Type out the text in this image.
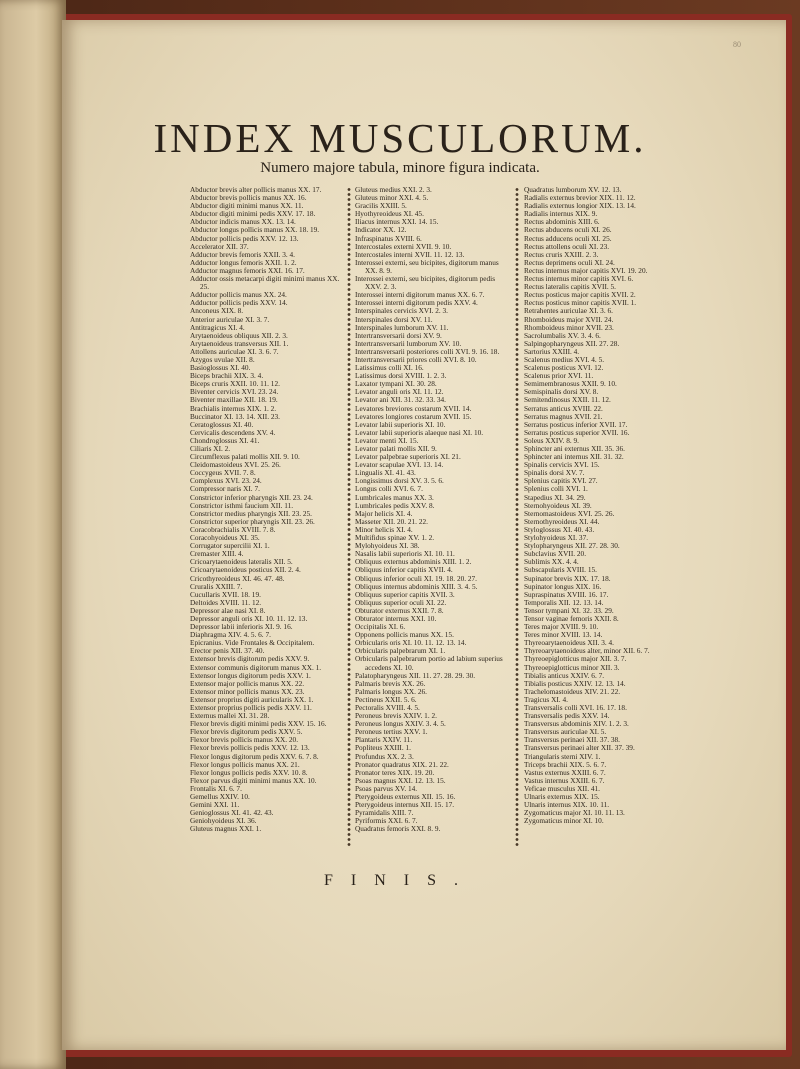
80
INDEX MUSCULORUM.

Numero majore tabula, minore figura indicata.

Abductor brevis alter pollicis manus XX. 17.
Abductor brevis pollicis manus XX. 16.
Abductor digiti minimi manus XX. 11.
Abductor digiti minimi pedis XXV. 17. 18.
Abductor indicis manus XX. 13. 14.
Abductor longus pollicis manus XX. 18. 19.
Abductor pollicis pedis XXV. 12. 13.
Accelerator XII. 37.
Adductor brevis femoris XXII. 3. 4.
Adductor longus femoris XXII. 1. 2.
Adductor magnus femoris XXI. 16. 17.
Adductor ossis metacarpi digiti minimi manus XX.
25.
Adductor pollicis manus XX. 24.
Adductor pollicis pedis XXV. 14.
Anconeus XIX. 8.
Anterior auriculae XI. 3. 7.
Antitragicus XI. 4.
Arytaenoideus obliquus XII. 2. 3.
Arytaenoideus transversus XII. 1.
Attollens auriculae XI. 3. 6. 7.
Azygos uvulae XII. 8.
Basioglossus XI. 40.
Biceps brachii XIX. 3. 4.
Biceps cruris XXII. 10. 11. 12.
Biventer cervicis XVI. 23. 24.
Biventer maxillae XII. 18. 19.
Brachialis internus XIX. 1. 2.
Buccinator XI. 13. 14. XII. 23.
Ceratoglossus XI. 40.
Cervicalis descendens XV. 4.
Chondroglossus XI. 41.
Ciliaris XI. 2.
Circumflexus palati mollis XII. 9. 10.
Cleidomastoideus XVI. 25. 26.
Coccygeus XVII. 7. 8.
Complexus XVI. 23. 24.
Compressor naris XI. 7.
Constrictor inferior pharyngis XII. 23. 24.
Constrictor isthmi faucium XII. 11.
Constrictor medius pharyngis XII. 23. 25.
Constrictor superior pharyngis XII. 23. 26.
Coracobrachialis XVIII. 7. 8.
Coracohyoideus XI. 35.
Corrugator supercilii XI. 1.
Cremaster XIII. 4.
Cricoarytaenoideus lateralis XII. 5.
Cricoarytaenoideus posticus XII. 2. 4.
Cricothyreoideus XI. 46. 47. 48.
Cruralis XXIII. 7.
Cucullaris XVII. 18. 19.
Deltoides XVIII. 11. 12.
Depressor alae nasi XI. 8.
Depressor anguli oris XI. 10. 11. 12. 13.
Depressor labii inferioris XI. 9. 16.
Diaphragma XIV. 4. 5. 6. 7.
Epicranius. Vide Frontales & Occipitalem.
Erector penis XII. 37. 40.
Extensor brevis digitorum pedis XXV. 9.
Extensor communis digitorum manus XX. 1.
Extensor longus digitorum pedis XXV. 1.
Extensor major pollicis manus XX. 22.
Extensor minor pollicis manus XX. 23.
Extensor proprius digiti auricularis XX. 1.
Extensor proprius pollicis pedis XXV. 11.
Externus mallei XI. 31. 28.
Flexor brevis digiti minimi pedis XXV. 15. 16.
Flexor brevis digitorum pedis XXV. 5.
Flexor brevis pollicis manus XX. 20.
Flexor brevis pollicis pedis XXV. 12. 13.
Flexor longus digitorum pedis XXV. 6. 7. 8.
Flexor longus pollicis manus XX. 21.
Flexor longus pollicis pedis XXV. 10. 8.
Flexor parvus digiti minimi manus XX. 10.
Frontalis XI. 6. 7.
Gemellus XXIV. 10.
Gemini XXI. 11.
Genioglossus XI. 41. 42. 43.
Geniohyoideus XI. 36.
Gluteus magnus XXI. 1.
Gluteus medius XXI. 2. 3.
Gluteus minor XXI. 4. 5.
Gracilis XXIII. 5.
Hyothyreoideus XI. 45.
Iliacus internus XXI. 14. 15.
Indicator XX. 12.
Infraspinatus XVIII. 6.
Intercostales externi XVII. 9. 10.
Intercostales interni XVII. 11. 12. 13.
Interossei externi, seu bicipites, digitorum manus
XX. 8. 9.
Interossei externi, seu bicipites, digitorum pedis
XXV. 2. 3.
Interossei interni digitorum manus XX. 6. 7.
Interossei interni digitorum pedis XXV. 4.
Interspinales cervicis XVI. 2. 3.
Interspinales dorsi XV. 11.
Interspinales lumborum XV. 11.
Intertransversarii dorsi XV. 9.
Intertransversarii lumborum XV. 10.
Intertransversarii posteriores colli XVI. 9. 16. 18.
Intertransversarii priores colli XVI. 8. 10.
Latissimus colli XI. 16.
Latissimus dorsi XVIII. 1. 2. 3.
Laxator tympani XI. 30. 28.
Levator anguli oris XI. 11. 12.
Levator ani XII. 31. 32. 33. 34.
Levatores breviores costarum XVII. 14.
Levatores longiores costarum XVII. 15.
Levator labii superioris XI. 10.
Levator labii superioris alaeque nasi XI. 10.
Levator menti XI. 15.
Levator palati mollis XII. 9.
Levator palpebrae superioris XI. 21.
Levator scapulae XVI. 13. 14.
Lingualis XI. 41. 43.
Longissimus dorsi XV. 3. 5. 6.
Longus colli XVI. 6. 7.
Lumbricales manus XX. 3.
Lumbricales pedis XXV. 8.
Major helicis XI. 4.
Masseter XII. 20. 21. 22.
Minor helicis XI. 4.
Multifidus spinae XV. 1. 2.
Mylohyoideus XI. 38.
Nasalis labii superioris XI. 10. 11.
Obliquus externus abdominis XIII. 1. 2.
Obliquus inferior capitis XVII. 4.
Obliquus inferior oculi XI. 19. 18. 20. 27.
Obliquus internus abdominis XIII. 3. 4. 5.
Obliquus superior capitis XVII. 3.
Obliquus superior oculi XI. 22.
Obturator externus XXII. 7. 8.
Obturator internus XXI. 10.
Occipitalis XI. 6.
Opponens pollicis manus XX. 15.
Orbicularis oris XI. 10. 11. 12. 13. 14.
Orbicularis palpebrarum XI. 1.
Orbicularis palpebrarum portio ad labium superius
accedens XI. 10.
Palatopharyngeus XII. 11. 27. 28. 29. 30.
Palmaris brevis XX. 26.
Palmaris longus XX. 26.
Pectineus XXII. 5. 6.
Pectoralis XVIII. 4. 5.
Peroneus brevis XXIV. 1. 2.
Peroneus longus XXIV. 3. 4. 5.
Peroneus tertius XXV. 1.
Plantaris XXIV. 11.
Popliteus XXIII. 1.
Profundus XX. 2. 3.
Pronator quadratus XIX. 21. 22.
Pronator teres XIX. 19. 20.
Psoas magnus XXI. 12. 13. 15.
Psoas parvus XV. 14.
Pterygoideus externus XII. 15. 16.
Pterygoideus internus XII. 15. 17.
Pyramidalis XIII. 7.
Pyriformis XXI. 6. 7.
Quadratus femoris XXI. 8. 9.
Quadratus lumborum XV. 12. 13.
Radialis externus brevior XIX. 11. 12.
Radialis externus longior XIX. 13. 14.
Radialis internus XIX. 9.
Rectus abdominis XIII. 6.
Rectus abducens oculi XI. 26.
Rectus adducens oculi XI. 25.
Rectus attollens oculi XI. 23.
Rectus cruris XXIII. 2. 3.
Rectus deprimens oculi XI. 24.
Rectus internus major capitis XVI. 19. 20.
Rectus internus minor capitis XVI. 6.
Rectus lateralis capitis XVII. 5.
Rectus posticus major capitis XVII. 2.
Rectus posticus minor capitis XVII. 1.
Retrahentes auriculae XI. 3. 6.
Rhomboideus major XVII. 24.
Rhomboideus minor XVII. 23.
Sacrolumbalis XV. 3. 4. 6.
Salpingopharyngeus XII. 27. 28.
Sartorius XXIII. 4.
Scalenus medius XVI. 4. 5.
Scalenus posticus XVI. 12.
Scalenus prior XVI. 11.
Semimembranosus XXII. 9. 10.
Semispinalis dorsi XV. 8.
Semitendinosus XXII. 11. 12.
Serratus anticus XVIII. 22.
Serratus magnus XVII. 21.
Serratus posticus inferior XVII. 17.
Serratus posticus superior XVII. 16.
Soleus XXIV. 8. 9.
Sphincter ani externus XII. 35. 36.
Sphincter ani internus XII. 31. 32.
Spinalis cervicis XVI. 15.
Spinalis dorsi XV. 7.
Splenius capitis XVI. 27.
Splenius colli XVI. 1.
Stapedius XI. 34. 29.
Sternohyoideus XI. 39.
Sternomastoideus XVI. 25. 26.
Sternothyreoideus XI. 44.
Styloglossus XI. 40. 43.
Stylohyoideus XI. 37.
Stylopharyngeus XII. 27. 28. 30.
Subclavius XVII. 20.
Sublimis XX. 4. 4.
Subscapularis XVIII. 15.
Supinator brevis XIX. 17. 18.
Supinator longus XIX. 16.
Supraspinatus XVIII. 16. 17.
Temporalis XII. 12. 13. 14.
Tensor tympani XI. 32. 33. 29.
Tensor vaginae femoris XXII. 8.
Teres major XVIII. 9. 10.
Teres minor XVIII. 13. 14.
Thyreoarytaenoideus XII. 3. 4.
Thyreoarytaenoideus alter, minor XII. 6. 7.
Thyreoepiglotticus major XII. 3. 7.
Thyreoepiglotticus minor XII. 3.
Tibialis anticus XXIV. 6. 7.
Tibialis posticus XXIV. 12. 13. 14.
Trachelomastoideus XIV. 21. 22.
Tragicus XI. 4.
Transversalis colli XVI. 16. 17. 18.
Transversalis pedis XXV. 14.
Transversus abdominis XIV. 1. 2. 3.
Transversus auriculae XI. 5.
Transversus perinaei XII. 37. 38.
Transversus perinaei alter XII. 37. 39.
Triangularis sterni XIV. 1.
Triceps brachii XIX. 5. 6. 7.
Vastus externus XXIII. 6. 7.
Vastus internus XXIII. 6. 7.
Veficae musculus XII. 41.
Ulnaris externus XIX. 15.
Ulnaris internus XIX. 10. 11.
Zygomaticus major XI. 10. 11. 13.
Zygomaticus minor XI. 10.
FINIS.
